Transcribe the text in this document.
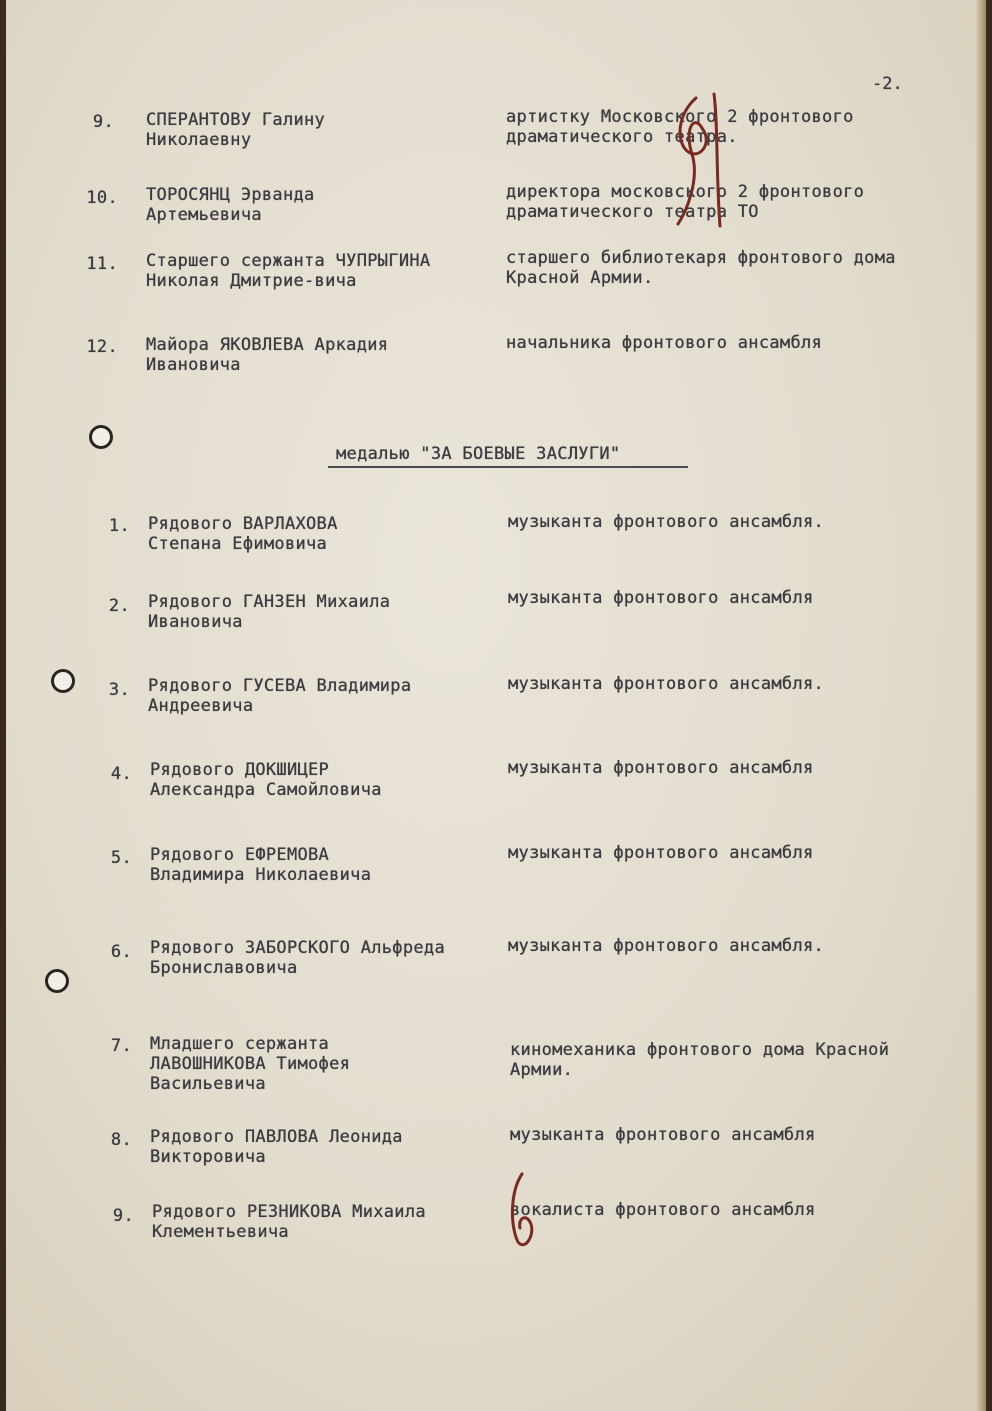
-2.
9. СПЕРАНТОВУ Галину Николаевну
артистку Московского 2 фронтового драматического театра.
10. ТОРОСЯНЦ Эрванда Артемьевича
директора московского 2 фронтового драматического театра ТО
11. Старшего сержанта ЧУПРЫГИНА Николая Дмитрие-вича
старшего библиотекаря фронтового дома Красной Армии.
12. Майора ЯКОВЛЕВА Аркадия Ивановича
начальника фронтового ансамбля
медалью "ЗА БОЕВЫЕ ЗАСЛУГИ"
1. Рядового ВАРЛАХОВА Степана Ефимовича
музыканта фронтового ансамбля.
2. Рядового ГАНЗЕН Михаила Ивановича
музыканта фронтового ансамбля
3. Рядового ГУСЕВА Владимира Андреевича
музыканта фронтового ансамбля.
4. Рядового ДОКШИЦЕР Александра Самойловича
музыканта фронтового ансамбля
5. Рядового ЕФРЕМОВА Владимира Николаевича
музыканта фронтового ансамбля
6. Рядового ЗАБОРСКОГО Альфреда Брониславовича
музыканта фронтового ансамбля.
7. Младшего сержанта ЛАВОШНИКОВА Тимофея Васильевича
киномеханика фронтового дома Красной Армии.
8. Рядового ПАВЛОВА Леонида Викторовича
музыканта фронтового ансамбля
9. Рядового РЕЗНИКОВА Михаила Клементьевича
вокалиста фронтового ансамбля
